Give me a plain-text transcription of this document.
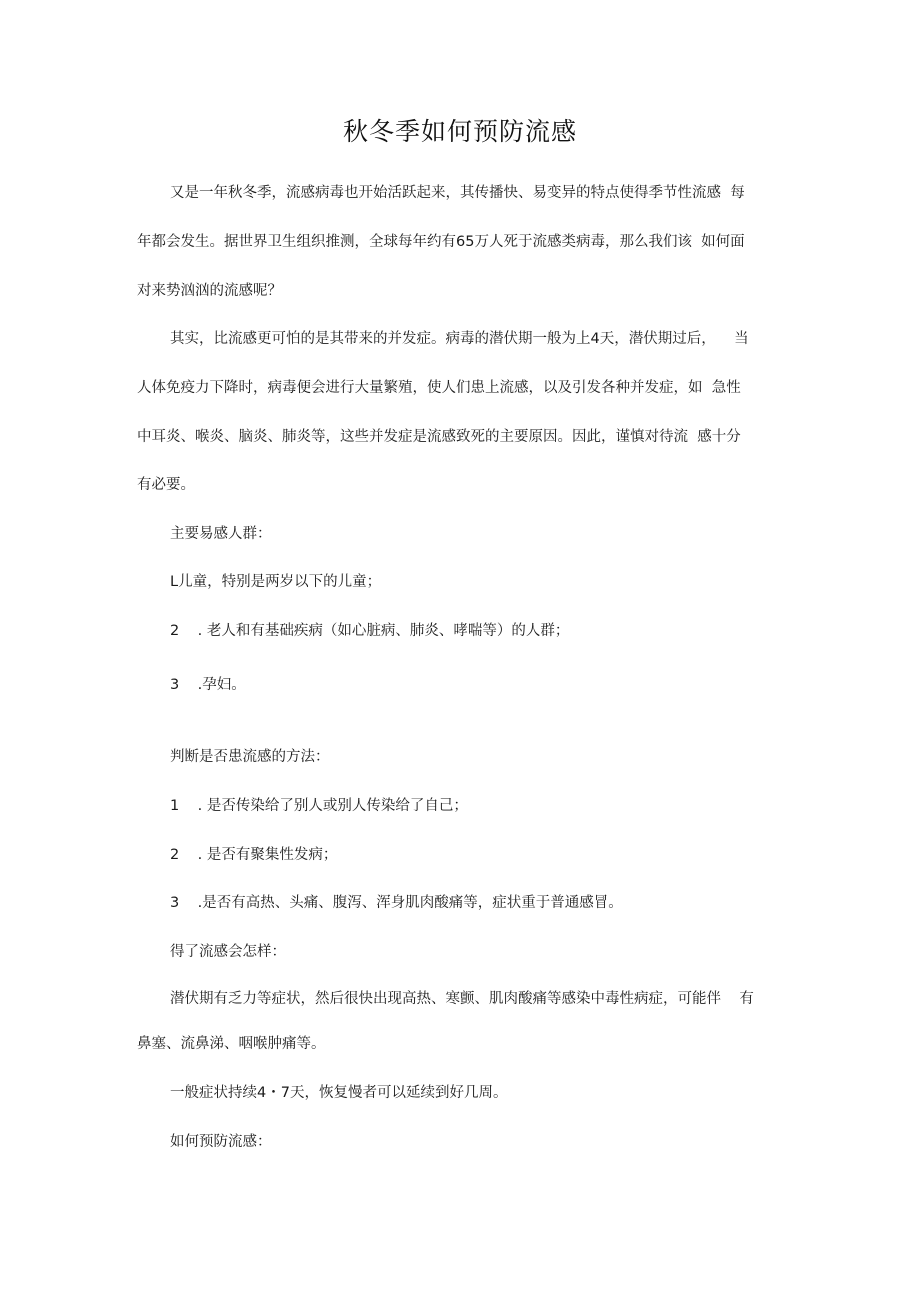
秋冬季如何预防流感
又是一年秋冬季，流感病毒也开始活跃起来，其传播快、易变异的特点使得季节性流感  每
年都会发生。据世界卫生组织推测，全球每年约有65万人死于流感类病毒，那么我们该  如何面
对来势汹汹的流感呢？
其实，比流感更可怕的是其带来的并发症。病毒的潜伏期一般为上4天，潜伏期过后，    当
人体免疫力下降时，病毒便会进行大量繁殖，使人们患上流感，以及引发各种并发症，如  急性
中耳炎、喉炎、脑炎、肺炎等，这些并发症是流感致死的主要原因。因此，谨慎对待流  感十分
有必要。
主要易感人群：
L儿童，特别是两岁以下的儿童；
2    . 老人和有基础疾病（如心脏病、肺炎、哮喘等）的人群；
3    .孕妇。
判断是否患流感的方法：
1    . 是否传染给了别人或别人传染给了自己；
2    . 是否有聚集性发病；
3    .是否有高热、头痛、腹泻、浑身肌肉酸痛等，症状重于普通感冒。
得了流感会怎样：
潜伏期有乏力等症状，然后很快出现高热、寒颤、肌肉酸痛等感染中毒性病症，可能伴    有
鼻塞、流鼻涕、咽喉肿痛等。
一般症状持续4・7天，恢复慢者可以延续到好几周。
如何预防流感：
